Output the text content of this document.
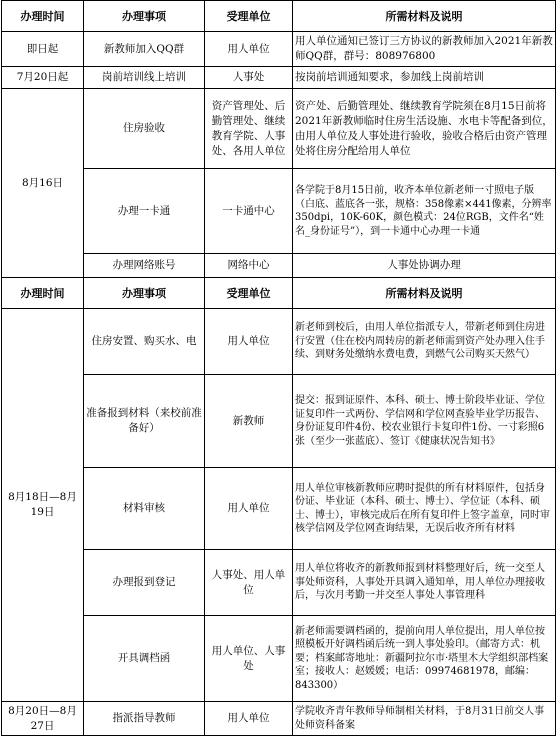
办理时间	办理事项	受理单位	所需材料及说明
即日起	新教师加入QQ群	用人单位	用人单位通知已签订三方协议的新教师加入2021年新教师QQ群，群号：808976800
7月20日起	岗前培训线上培训	人事处	按岗前培训通知要求，参加线上岗前培训
8月16日	住房验收	资产管理处、后勤管理处、继续教育学院、人事处、各用人单位	资产处、后勤管理处、继续教育学院须在8月15日前将2021年新教师临时住房生活设施、水电卡等配备到位，由用人单位及人事处进行验收，验收合格后由资产管理处将住房分配给用人单位
	办理一卡通	一卡通中心	各学院于8月15日前，收齐本单位新老师一寸照电子版（白底、蓝底各一张，规格：358像素×441像素，分辨率350dpi，10K-60K，颜色模式：24位RGB，文件名“姓名_身份证号”），到一卡通中心办理一卡通
	办理网络账号	网络中心	人事处协调办理
办理时间	办理事项	受理单位	所需材料及说明
8月18日—8月19日	住房安置、购买水、电	用人单位	新老师到校后，由用人单位指派专人，带新老师到住房进行安置（住在校内周转房的新老师需到资产处办理入住手续、到财务处缴纳水费电费，到燃气公司购买天然气）
	准备报到材料（来校前准备好）	新教师	提交：报到证原件、本科、硕士、博士阶段毕业证、学位证复印件一式两份、学信网和学位网查验毕业学历报告、身份证复印件4份、校农业银行卡复印件1份、一寸彩照6张（至少一张蓝底）、签订《健康状况告知书》
	材料审核	用人单位	用人单位审核新教师应聘时提供的所有材料原件，包括身份证、毕业证（本科、硕士、博士）、学位证（本科、硕士、博士），审核完成后在所有复印件上签字盖章，同时审核学信网及学位网查询结果，无误后收齐所有材料
	办理报到登记	人事处、用人单位	用人单位将收齐的新教师报到材料整理好后，统一交至人事处师资科，人事处开具调入通知单，用人单位办理接收后，与次月考勤一并交至人事处人事管理科
	开具调档函	用人单位、人事处	新老师需要调档函的，提前向用人单位提出，用人单位按照模板开好调档函后统一到人事处验印。（邮寄方式：机要；档案邮寄地址：新疆阿拉尔市·塔里木大学组织部档案室；接收人：赵媛媛；电话：09974681978，邮编：843300）
8月20日—8月27日	指派指导教师	用人单位	学院收齐青年教师导师制相关材料，于8月31日前交人事处师资科备案
